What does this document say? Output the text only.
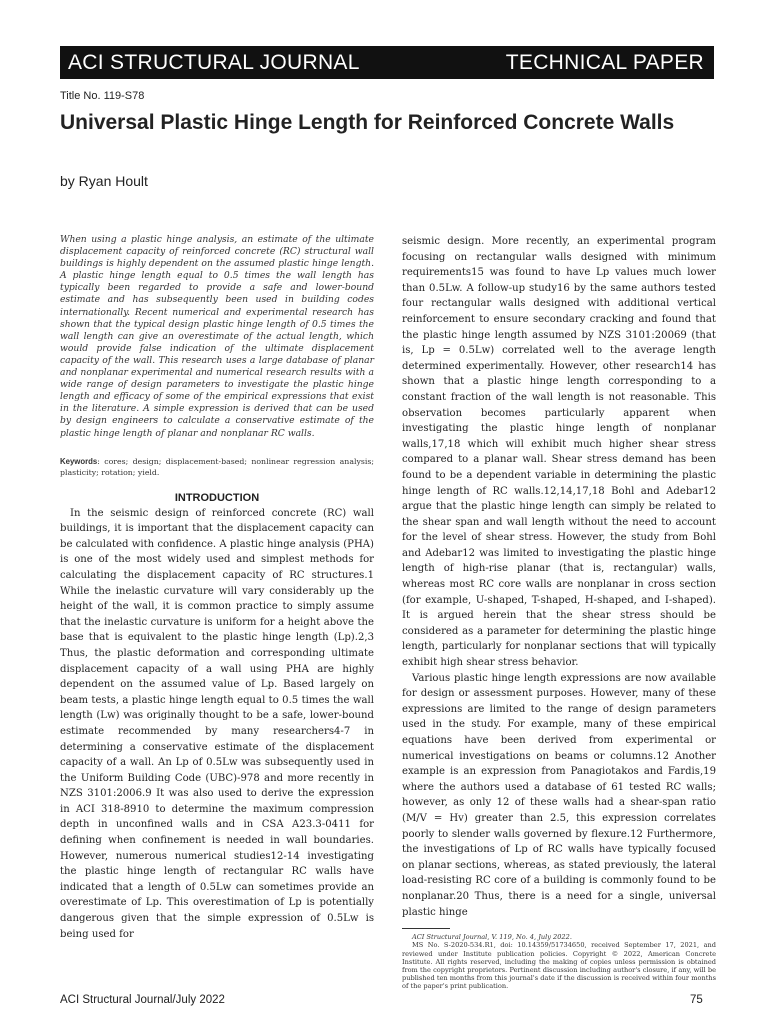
ACI STRUCTURAL JOURNAL	TECHNICAL PAPER
Title No. 119-S78
Universal Plastic Hinge Length for Reinforced Concrete Walls
by Ryan Hoult

When using a plastic hinge analysis, an estimate of the ultimate displacement capacity of reinforced concrete (RC) structural wall buildings is highly dependent on the assumed plastic hinge length. A plastic hinge length equal to 0.5 times the wall length has typically been regarded to provide a safe and lower-bound estimate and has subsequently been used in building codes internationally. Recent numerical and experimental research has shown that the typical design plastic hinge length of 0.5 times the wall length can give an overestimate of the actual length, which would provide false indication of the ultimate displacement capacity of the wall. This research uses a large database of planar and nonplanar experimental and numerical research results with a wide range of design parameters to investigate the plastic hinge length and efficacy of some of the empirical expressions that exist in the literature. A simple expression is derived that can be used by design engineers to calculate a conservative estimate of the plastic hinge length of planar and nonplanar RC walls.

Keywords: cores; design; displacement-based; nonlinear regression analysis; plasticity; rotation; yield.

INTRODUCTION

In the seismic design of reinforced concrete (RC) wall buildings, it is important that the displacement capacity can be calculated with confidence. A plastic hinge analysis (PHA) is one of the most widely used and simplest methods for calculating the displacement capacity of RC structures.1 While the inelastic curvature will vary considerably up the height of the wall, it is common practice to simply assume that the inelastic curvature is uniform for a height above the base that is equivalent to the plastic hinge length (Lp).2,3 Thus, the plastic deformation and corresponding ultimate displacement capacity of a wall using PHA are highly dependent on the assumed value of Lp. Based largely on beam tests, a plastic hinge length equal to 0.5 times the wall length (Lw) was originally thought to be a safe, lower-bound estimate recommended by many researchers4-7 in determining a conservative estimate of the displacement capacity of a wall. An Lp of 0.5Lw was subsequently used in the Uniform Building Code (UBC)-978 and more recently in NZS 3101:2006.9 It was also used to derive the expression in ACI 318-8910 to determine the maximum compression depth in unconfined walls and in CSA A23.3-0411 for defining when confinement is needed in wall boundaries. However, numerous numerical studies12-14 investigating the plastic hinge length of rectangular RC walls have indicated that a length of 0.5Lw can sometimes provide an overestimate of Lp. This overestimation of Lp is potentially dangerous given that the simple expression of 0.5Lw is being used for

seismic design. More recently, an experimental program focusing on rectangular walls designed with minimum requirements15 was found to have Lp values much lower than 0.5Lw. A follow-up study16 by the same authors tested four rectangular walls designed with additional vertical reinforcement to ensure secondary cracking and found that the plastic hinge length assumed by NZS 3101:20069 (that is, Lp = 0.5Lw) correlated well to the average length determined experimentally. However, other research14 has shown that a plastic hinge length corresponding to a constant fraction of the wall length is not reasonable. This observation becomes particularly apparent when investigating the plastic hinge length of nonplanar walls,17,18 which will exhibit much higher shear stress compared to a planar wall. Shear stress demand has been found to be a dependent variable in determining the plastic hinge length of RC walls.12,14,17,18 Bohl and Adebar12 argue that the plastic hinge length can simply be related to the shear span and wall length without the need to account for the level of shear stress. However, the study from Bohl and Adebar12 was limited to investigating the plastic hinge length of high-rise planar (that is, rectangular) walls, whereas most RC core walls are nonplanar in cross section (for example, U-shaped, T-shaped, H-shaped, and I-shaped). It is argued herein that the shear stress should be considered as a parameter for determining the plastic hinge length, particularly for nonplanar sections that will typically exhibit high shear stress behavior.

Various plastic hinge length expressions are now available for design or assessment purposes. However, many of these expressions are limited to the range of design parameters used in the study. For example, many of these empirical equations have been derived from experimental or numerical investigations on beams or columns.12 Another example is an expression from Panagiotakos and Fardis,19 where the authors used a database of 61 tested RC walls; however, as only 12 of these walls had a shear-span ratio (M/V = Hv) greater than 2.5, this expression correlates poorly to slender walls governed by flexure.12 Furthermore, the investigations of Lp of RC walls have typically focused on planar sections, whereas, as stated previously, the lateral load-resisting RC core of a building is commonly found to be nonplanar.20 Thus, there is a need for a single, universal plastic hinge

ACI Structural Journal, V. 119, No. 4, July 2022.

MS No. S-2020-534.R1, doi: 10.14359/51734650, received September 17, 2021, and reviewed under Institute publication policies. Copyright © 2022, American Concrete Institute. All rights reserved, including the making of copies unless permission is obtained from the copyright proprietors. Pertinent discussion including author's closure, if any, will be published ten months from this journal's date if the discussion is received within four months of the paper's print publication.

ACI Structural Journal/July 2022	75
